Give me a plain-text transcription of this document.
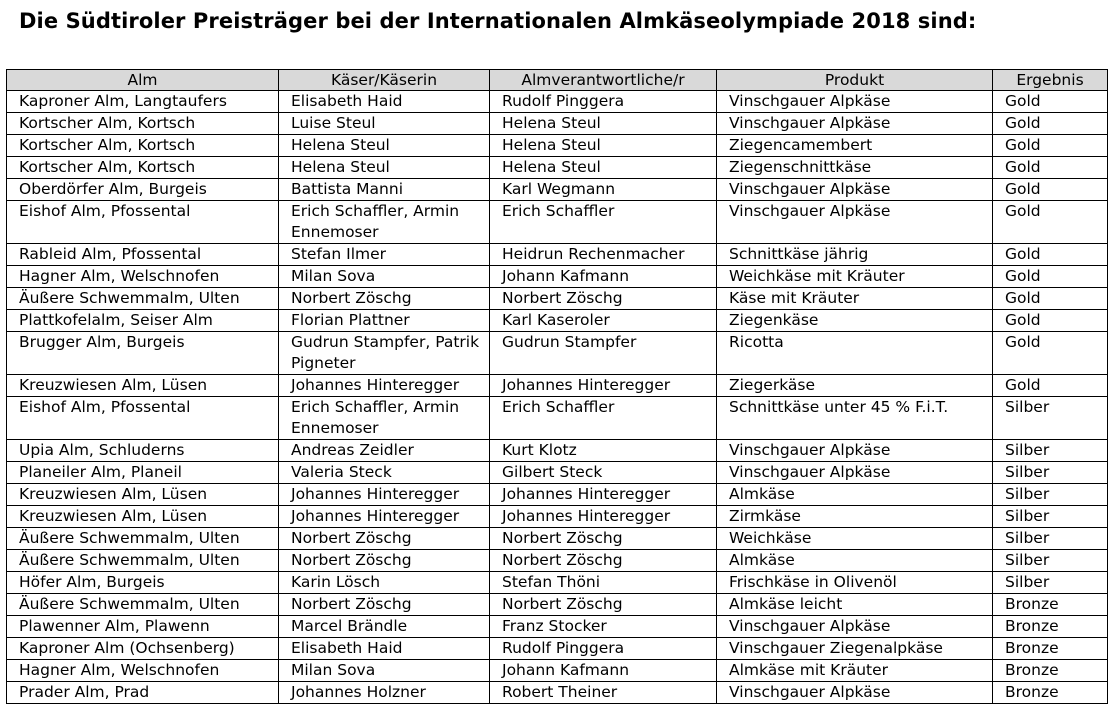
Die Südtiroler Preisträger bei der Internationalen Almkäseolympiade 2018 sind:
Alm	Käser/Käserin	Almverantwortliche/r	Produkt	Ergebnis
Kaproner Alm, Langtaufers	Elisabeth Haid	Rudolf Pinggera	Vinschgauer Alpkäse	Gold
Kortscher Alm, Kortsch	Luise Steul	Helena Steul	Vinschgauer Alpkäse	Gold
Kortscher Alm, Kortsch	Helena Steul	Helena Steul	Ziegencamembert	Gold
Kortscher Alm, Kortsch	Helena Steul	Helena Steul	Ziegenschnittkäse	Gold
Oberdörfer Alm, Burgeis	Battista Manni	Karl Wegmann	Vinschgauer Alpkäse	Gold
Eishof Alm, Pfossental	Erich Schaffler, Armin Ennemoser	Erich Schaffler	Vinschgauer Alpkäse	Gold
Rableid Alm, Pfossental	Stefan Ilmer	Heidrun Rechenmacher	Schnittkäse jährig	Gold
Hagner Alm, Welschnofen	Milan Sova	Johann Kafmann	Weichkäse mit Kräuter	Gold
Äußere Schwemmalm, Ulten	Norbert Zöschg	Norbert Zöschg	Käse mit Kräuter	Gold
Plattkofelalm, Seiser Alm	Florian Plattner	Karl Kaseroler	Ziegenkäse	Gold
Brugger Alm, Burgeis	Gudrun Stampfer, Patrik Pigneter	Gudrun Stampfer	Ricotta	Gold
Kreuzwiesen Alm, Lüsen	Johannes Hinteregger	Johannes Hinteregger	Ziegerkäse	Gold
Eishof Alm, Pfossental	Erich Schaffler, Armin Ennemoser	Erich Schaffler	Schnittkäse unter 45 % F.i.T.	Silber
Upia Alm, Schluderns	Andreas Zeidler	Kurt Klotz	Vinschgauer Alpkäse	Silber
Planeiler Alm, Planeil	Valeria Steck	Gilbert Steck	Vinschgauer Alpkäse	Silber
Kreuzwiesen Alm, Lüsen	Johannes Hinteregger	Johannes Hinteregger	Almkäse	Silber
Kreuzwiesen Alm, Lüsen	Johannes Hinteregger	Johannes Hinteregger	Zirmkäse	Silber
Äußere Schwemmalm, Ulten	Norbert Zöschg	Norbert Zöschg	Weichkäse	Silber
Äußere Schwemmalm, Ulten	Norbert Zöschg	Norbert Zöschg	Almkäse	Silber
Höfer Alm, Burgeis	Karin Lösch	Stefan Thöni	Frischkäse in Olivenöl	Silber
Äußere Schwemmalm, Ulten	Norbert Zöschg	Norbert Zöschg	Almkäse leicht	Bronze
Plawenner Alm, Plawenn	Marcel Brändle	Franz Stocker	Vinschgauer Alpkäse	Bronze
Kaproner Alm (Ochsenberg)	Elisabeth Haid	Rudolf Pinggera	Vinschgauer Ziegenalpkäse	Bronze
Hagner Alm, Welschnofen	Milan Sova	Johann Kafmann	Almkäse mit Kräuter	Bronze
Prader Alm, Prad	Johannes Holzner	Robert Theiner	Vinschgauer Alpkäse	Bronze
